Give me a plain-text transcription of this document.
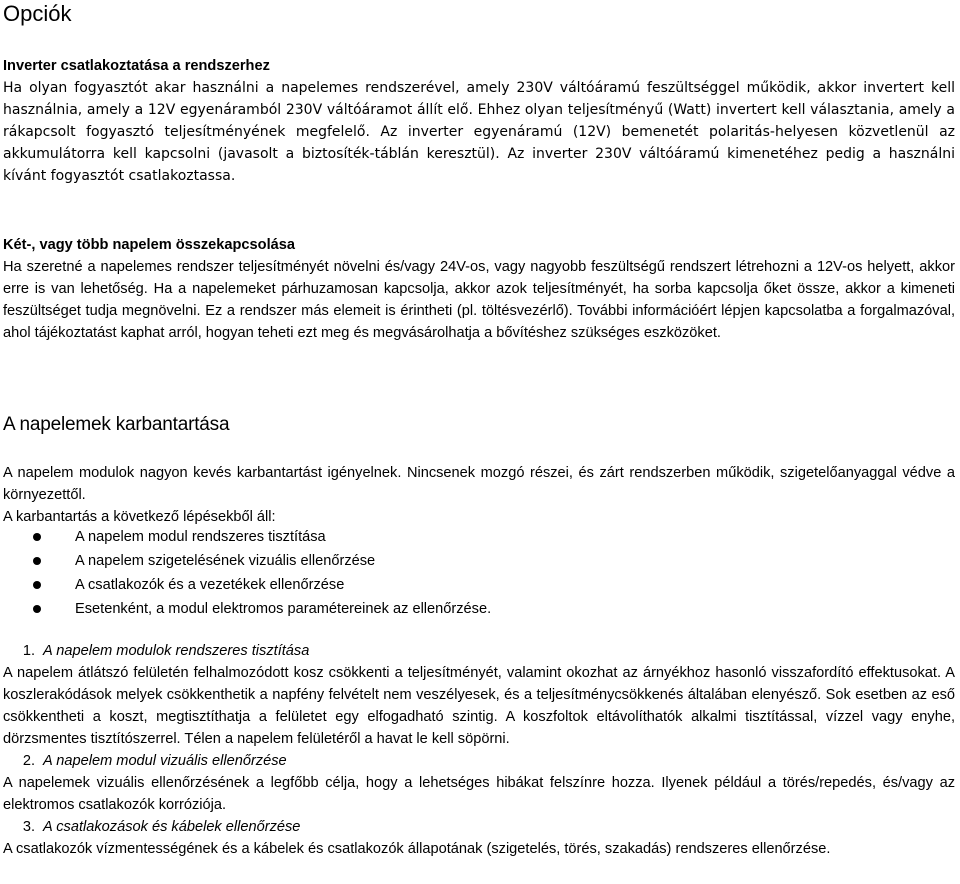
Opciók

Inverter csatlakoztatása a rendszerhez

Ha olyan fogyasztót akar használni a napelemes rendszerével, amely 230V váltóáramú feszültséggel működik, akkor invertert kell használnia, amely a 12V egyenáramból 230V váltóáramot állít elő. Ehhez olyan teljesítményű (Watt) invertert kell választania, amely a rákapcsolt fogyasztó teljesítményének megfelelő. Az inverter egyenáramú (12V) bemenetét polaritás-helyesen közvetlenül az akkumulátorra kell kapcsolni (javasolt a biztosíték-táblán keresztül). Az inverter 230V váltóáramú kimenetéhez pedig a használni kívánt fogyasztót csatlakoztassa.

Két-, vagy több napelem összekapcsolása

Ha szeretné a napelemes rendszer teljesítményét növelni és/vagy 24V-os, vagy nagyobb feszültségű rendszert létrehozni a 12V-os helyett, akkor erre is van lehetőség. Ha a napelemeket párhuzamosan kapcsolja, akkor azok teljesítményét, ha sorba kapcsolja őket össze, akkor a kimeneti feszültséget tudja megnövelni. Ez a rendszer más elemeit is érintheti (pl. töltésvezérlő). További információért lépjen kapcsolatba a forgalmazóval, ahol tájékoztatást kaphat arról, hogyan teheti ezt meg és megvásárolhatja a bővítéshez szükséges eszközöket.

A napelemek karbantartása

A napelem modulok nagyon kevés karbantartást igényelnek. Nincsenek mozgó részei, és zárt rendszerben működik, szigetelőanyaggal védve a környezettől.

A karbantartás a következő lépésekből áll:

A napelem modul rendszeres tisztítása
A napelem szigetelésének vizuális ellenőrzése
A csatlakozók és a vezetékek ellenőrzése
Esetenként, a modul elektromos paramétereinek az ellenőrzése.

1. A napelem modulok rendszeres tisztítása

A napelem átlátszó felületén felhalmozódott kosz csökkenti a teljesítményét, valamint okozhat az árnyékhoz hasonló visszafordító effektusokat. A koszlerakódások melyek csökkenthetik a napfény felvételt nem veszélyesek, és a teljesítménycsökkenés általában elenyésző. Sok esetben az eső csökkentheti a koszt, megtisztíthatja a felületet egy elfogadható szintig. A koszfoltok eltávolíthatók alkalmi tisztítással, vízzel vagy enyhe, dörzsmentes tisztítószerrel. Télen a napelem felületéről a havat le kell söpörni.

2. A napelem modul vizuális ellenőrzése

A napelemek vizuális ellenőrzésének a legfőbb célja, hogy a lehetséges hibákat felszínre hozza. Ilyenek például a törés/repedés, és/vagy az elektromos csatlakozók korróziója.

3. A csatlakozások és kábelek ellenőrzése

A csatlakozók vízmentességének és a kábelek és csatlakozók állapotának (szigetelés, törés, szakadás) rendszeres ellenőrzése.
